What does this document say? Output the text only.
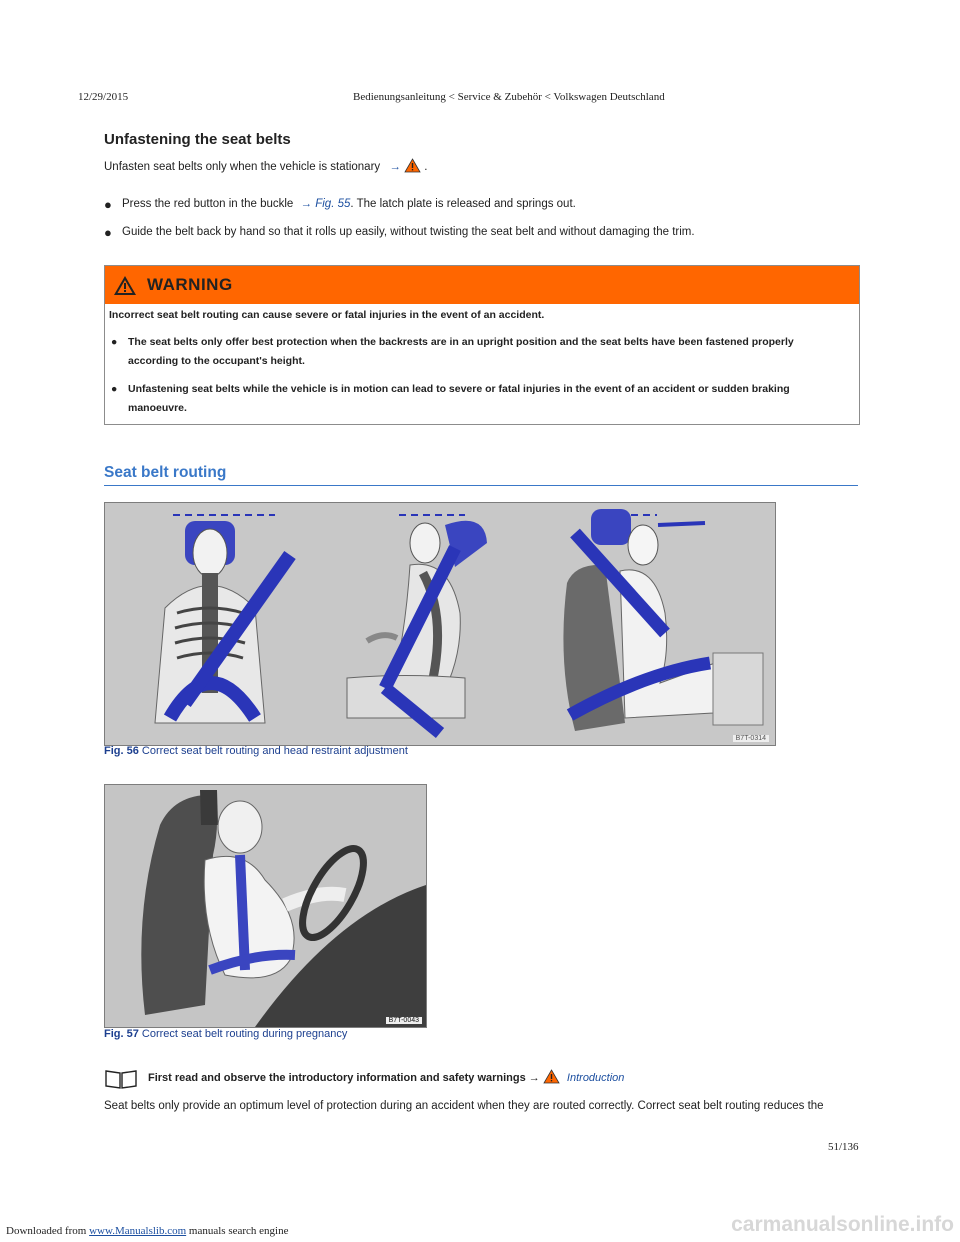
12/29/2015	Bedienungsanleitung < Service & Zubehör < Volkswagen Deutschland
Unfastening the seat belts
Unfasten seat belts only when the vehicle is stationary → .
● Press the red button in the buckle → Fig. 55. The latch plate is released and springs out.
● Guide the belt back by hand so that it rolls up easily, without twisting the seat belt and without damaging the trim.
WARNING
Incorrect seat belt routing can cause severe or fatal injuries in the event of an accident.
● The seat belts only offer best protection when the backrests are in an upright position and the seat belts have been fastened properly
according to the occupant's height.
● Unfastening seat belts while the vehicle is in motion can lead to severe or fatal injuries in the event of an accident or sudden braking
manoeuvre.
Seat belt routing
B7T-0314
Fig. 56 Correct seat belt routing and head restraint adjustment
B7T-0043
Fig. 57 Correct seat belt routing during pregnancy
First read and observe the introductory information and safety warnings → Introduction
Seat belts only provide an optimum level of protection during an accident when they are routed correctly. Correct seat belt routing reduces the
51/136
Downloaded from www.Manualslib.com manuals search engine	carmanualsonline.info
